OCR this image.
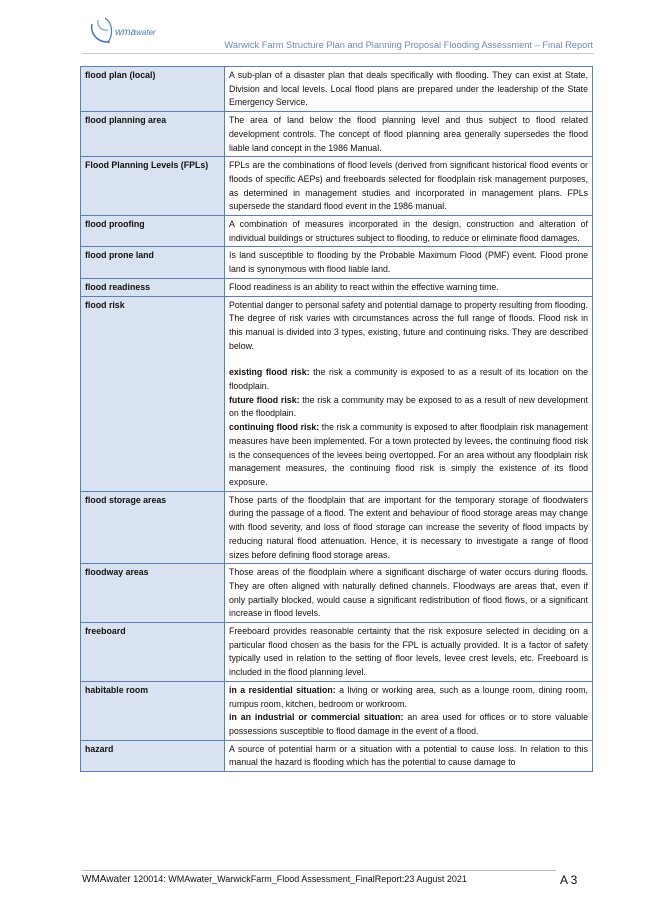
wmawater
Warwick Farm Structure Plan and Planning Proposal Flooding Assessment – Final Report
flood plan (local)	A sub-plan of a disaster plan that deals specifically with flooding. They can exist at State, Division and local levels. Local flood plans are prepared under the leadership of the State Emergency Service.
flood planning area	The area of land below the flood planning level and thus subject to flood related development controls. The concept of flood planning area generally supersedes the flood liable land concept in the 1986 Manual.
Flood Planning Levels (FPLs)	FPLs are the combinations of flood levels (derived from significant historical flood events or floods of specific AEPs) and freeboards selected for floodplain risk management purposes, as determined in management studies and incorporated in management plans. FPLs supersede the standard flood event in the 1986 manual.
flood proofing	A combination of measures incorporated in the design, construction and alteration of individual buildings or structures subject to flooding, to reduce or eliminate flood damages.
flood prone land	Is land susceptible to flooding by the Probable Maximum Flood (PMF) event. Flood prone land is synonymous with flood liable land.
flood readiness	Flood readiness is an ability to react within the effective warning time.
flood risk	Potential danger to personal safety and potential damage to property resulting from flooding. The degree of risk varies with circumstances across the full range of floods. Flood risk in this manual is divided into 3 types, existing, future and continuing risks. They are described below.

existing flood risk: the risk a community is exposed to as a result of its location on the floodplain.

future flood risk: the risk a community may be exposed to as a result of new development on the floodplain.

continuing flood risk: the risk a community is exposed to after floodplain risk management measures have been implemented. For a town protected by levees, the continuing flood risk is the consequences of the levees being overtopped. For an area without any floodplain risk management measures, the continuing flood risk is simply the existence of its flood exposure.

flood storage areas	Those parts of the floodplain that are important for the temporary storage of floodwaters during the passage of a flood. The extent and behaviour of flood storage areas may change with flood severity, and loss of flood storage can increase the severity of flood impacts by reducing natural flood attenuation. Hence, it is necessary to investigate a range of flood sizes before defining flood storage areas.
floodway areas	Those areas of the floodplain where a significant discharge of water occurs during floods. They are often aligned with naturally defined channels. Floodways are areas that, even if only partially blocked, would cause a significant redistribution of flood flows, or a significant increase in flood levels.
freeboard	Freeboard provides reasonable certainty that the risk exposure selected in deciding on a particular flood chosen as the basis for the FPL is actually provided. It is a factor of safety typically used in relation to the setting of floor levels, levee crest levels, etc. Freeboard is included in the flood planning level.
habitable room	in a residential situation: a living or working area, such as a lounge room, dining room, rumpus room, kitchen, bedroom or workroom.

in an industrial or commercial situation: an area used for offices or to store valuable possessions susceptible to flood damage in the event of a flood.

hazard	A source of potential harm or a situation with a potential to cause loss. In relation to this manual the hazard is flooding which has the potential to cause damage to
WMAwater 120014: WMAwater_WarwickFarm_Flood Assessment_FinalReport:23 August 2021	A 3
